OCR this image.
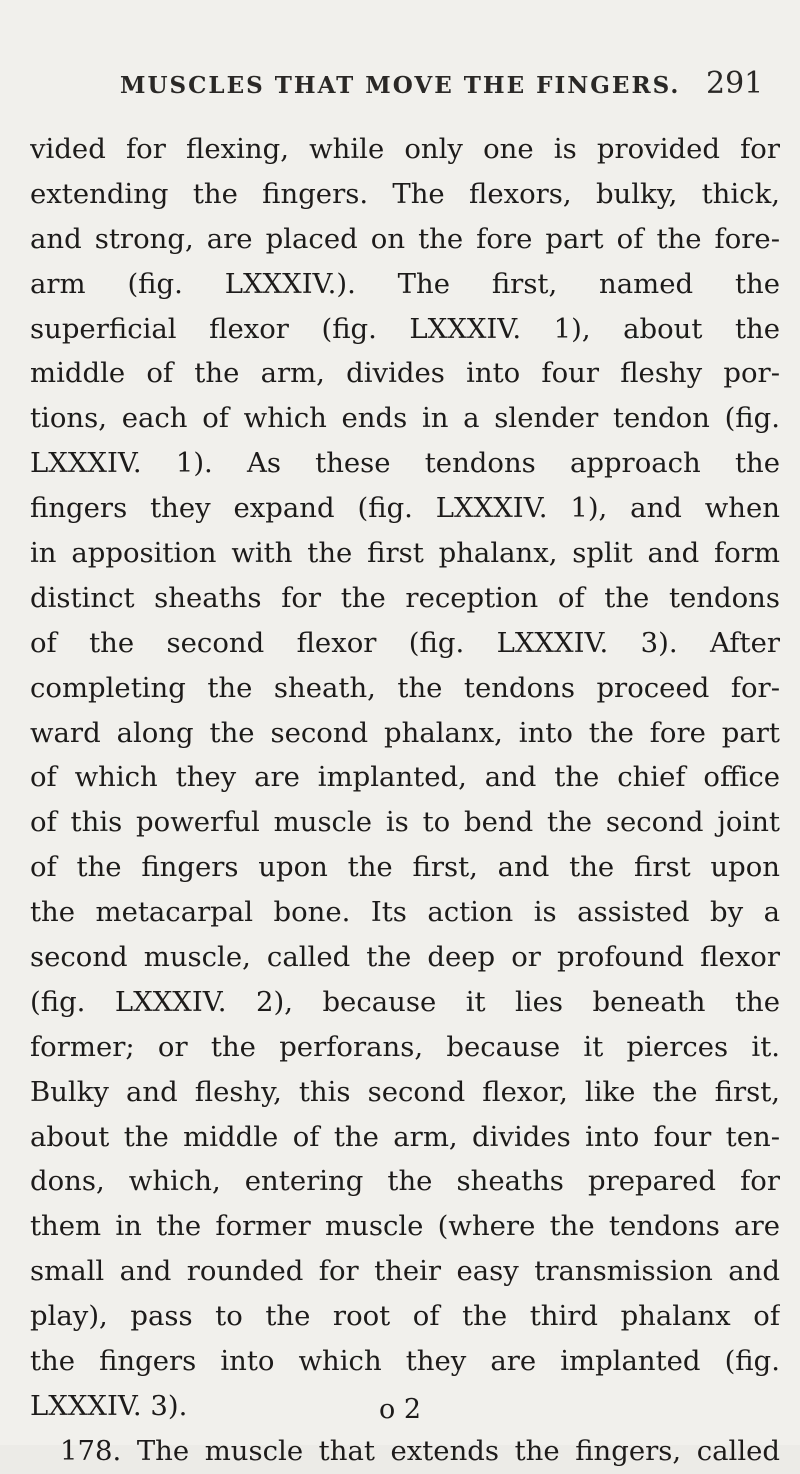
MUSCLES THAT MOVE THE FINGERS. 291
vided for flexing, while only one is provided for
extending the fingers. The flexors, bulky, thick,
and strong, are placed on the fore part of the fore-
arm (fig. LXXXIV.). The first, named the
superficial flexor (fig. LXXXIV. 1), about the
middle of the arm, divides into four fleshy por-
tions, each of which ends in a slender tendon (fig.
LXXXIV. 1). As these tendons approach the
fingers they expand (fig. LXXXIV. 1), and when
in apposition with the first phalanx, split and form
distinct sheaths for the reception of the tendons
of the second flexor (fig. LXXXIV. 3). After
completing the sheath, the tendons proceed for-
ward along the second phalanx, into the fore part
of which they are implanted, and the chief office
of this powerful muscle is to bend the second joint
of the fingers upon the first, and the first upon
the metacarpal bone. Its action is assisted by a
second muscle, called the deep or profound flexor
(fig. LXXXIV. 2), because it lies beneath the
former; or the perforans, because it pierces it.
Bulky and fleshy, this second flexor, like the first,
about the middle of the arm, divides into four ten-
dons, which, entering the sheaths prepared for
them in the former muscle (where the tendons are
small and rounded for their easy transmission and
play), pass to the root of the third phalanx of
the fingers into which they are implanted (fig.
LXXXIV. 3).
178. The muscle that extends the fingers, called
o 2
